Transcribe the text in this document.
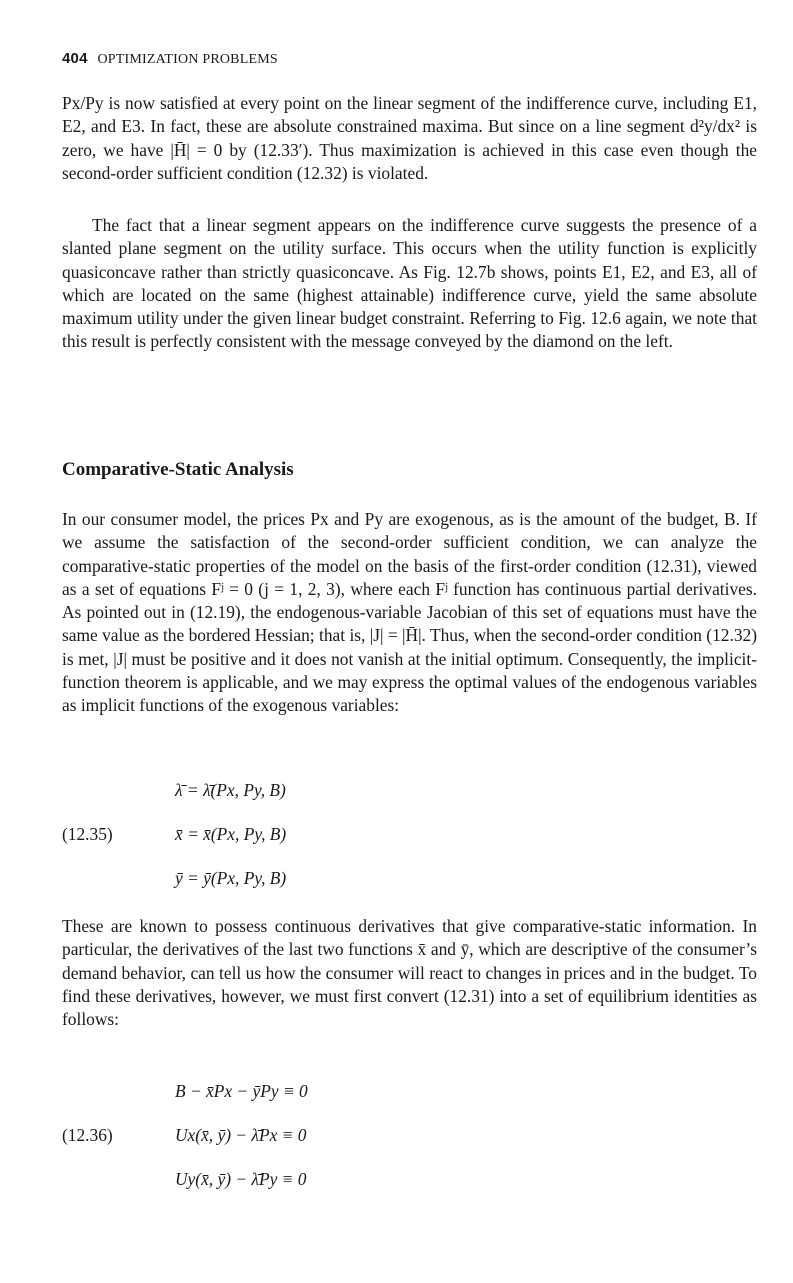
404 OPTIMIZATION PROBLEMS
Px/Py is now satisfied at every point on the linear segment of the indifference curve, including E1, E2, and E3. In fact, these are absolute constrained maxima. But since on a line segment d²y/dx² is zero, we have |H̄| = 0 by (12.33′). Thus maximization is achieved in this case even though the second-order sufficient condition (12.32) is violated.
The fact that a linear segment appears on the indifference curve suggests the presence of a slanted plane segment on the utility surface. This occurs when the utility function is explicitly quasiconcave rather than strictly quasiconcave. As Fig. 12.7b shows, points E1, E2, and E3, all of which are located on the same (highest attainable) indifference curve, yield the same absolute maximum utility under the given linear budget constraint. Referring to Fig. 12.6 again, we note that this result is perfectly consistent with the message conveyed by the diamond on the left.
Comparative-Static Analysis
In our consumer model, the prices Px and Py are exogenous, as is the amount of the budget, B. If we assume the satisfaction of the second-order sufficient condition, we can analyze the comparative-static properties of the model on the basis of the first-order condition (12.31), viewed as a set of equations Fʲ = 0 (j = 1, 2, 3), where each Fʲ function has continuous partial derivatives. As pointed out in (12.19), the endogenous-variable Jacobian of this set of equations must have the same value as the bordered Hessian; that is, |J| = |H̄|. Thus, when the second-order condition (12.32) is met, |J| must be positive and it does not vanish at the initial optimum. Consequently, the implicit-function theorem is applicable, and we may express the optimal values of the endogenous variables as implicit functions of the exogenous variables:
λ̄ = λ̄(Px, Py, B)
(12.35)	x̄ = x̄(Px, Py, B)
ȳ = ȳ(Px, Py, B)
These are known to possess continuous derivatives that give comparative-static information. In particular, the derivatives of the last two functions x̄ and ȳ, which are descriptive of the consumer’s demand behavior, can tell us how the consumer will react to changes in prices and in the budget. To find these derivatives, however, we must first convert (12.31) into a set of equilibrium identities as follows:
B − x̄Px − ȳPy ≡ 0
(12.36)	Ux(x̄, ȳ) − λ̄Px ≡ 0
Uy(x̄, ȳ) − λ̄Py ≡ 0
